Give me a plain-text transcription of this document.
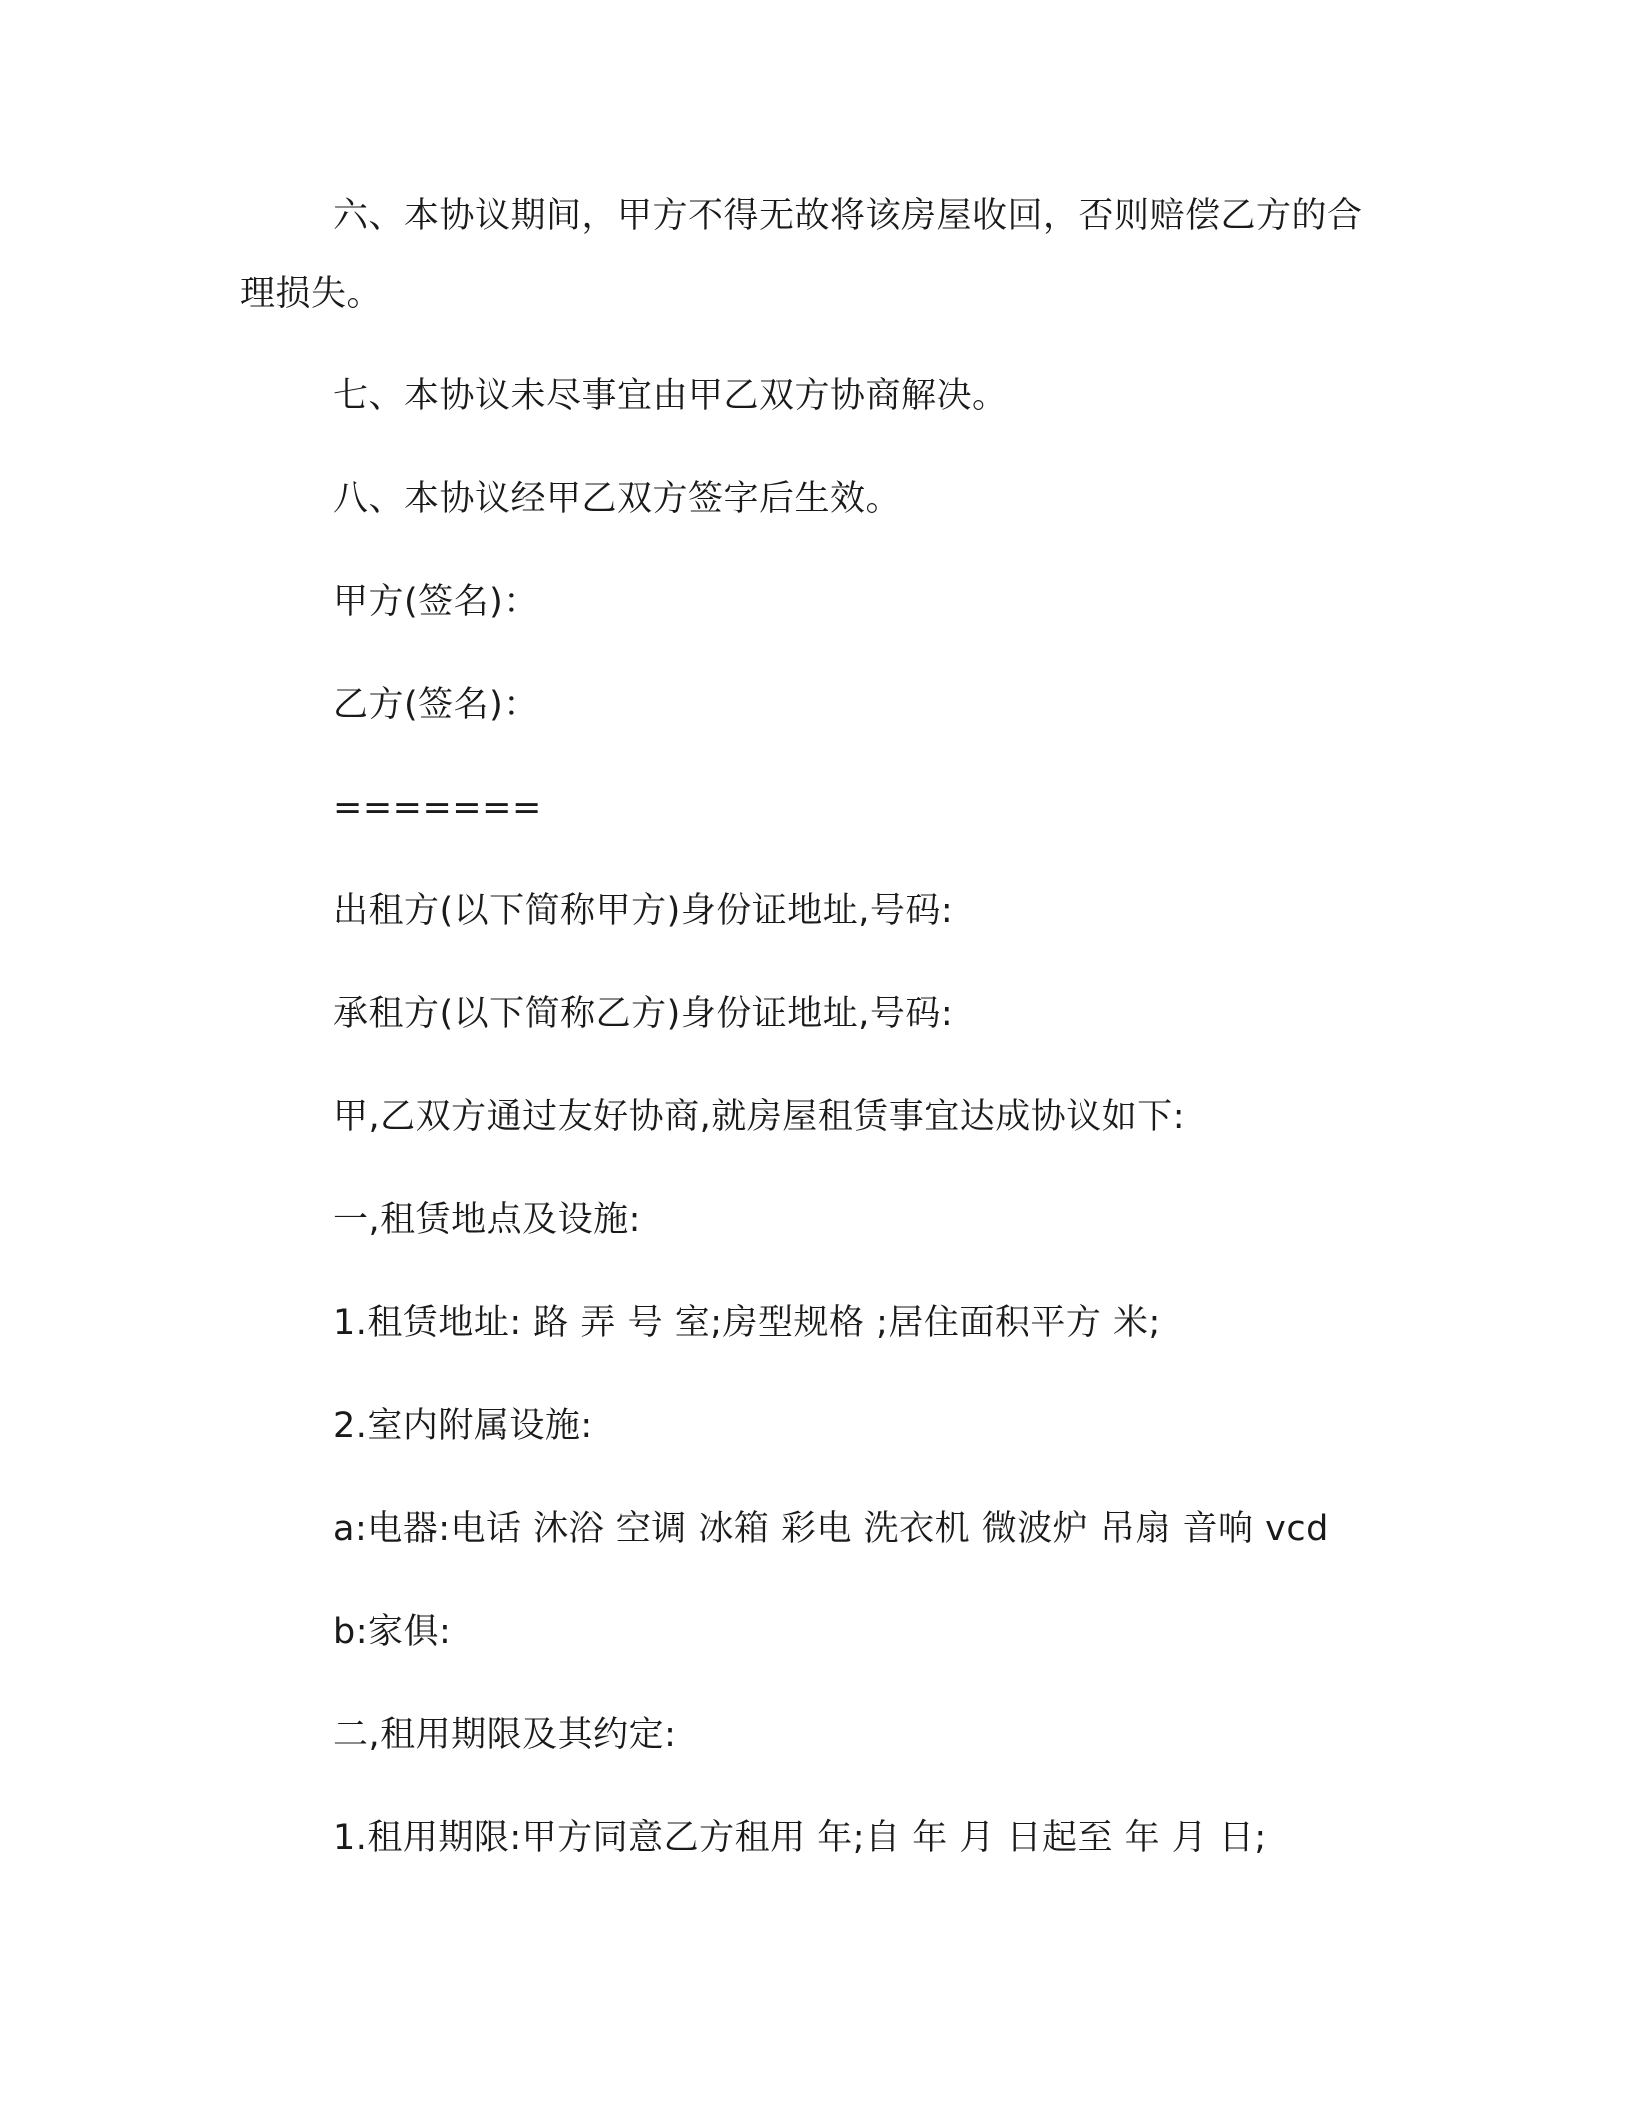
六、本协议期间，甲方不得无故将该房屋收回，否则赔偿乙方的合理损失。

七、本协议未尽事宜由甲乙双方协商解决。

八、本协议经甲乙双方签字后生效。

甲方(签名)：

乙方(签名)：

=======

出租方(以下简称甲方)身份证地址,号码:

承租方(以下简称乙方)身份证地址,号码:

甲,乙双方通过友好协商,就房屋租赁事宜达成协议如下:

一,租赁地点及设施:

1.租赁地址: 路 弄 号 室;房型规格 ;居住面积平方 米;

2.室内附属设施:

a:电器:电话 沐浴 空调 冰箱 彩电 洗衣机 微波炉 吊扇 音响 vcd

b:家俱:

二,租用期限及其约定:

1.租用期限:甲方同意乙方租用 年;自 年 月 日起至 年 月 日;
